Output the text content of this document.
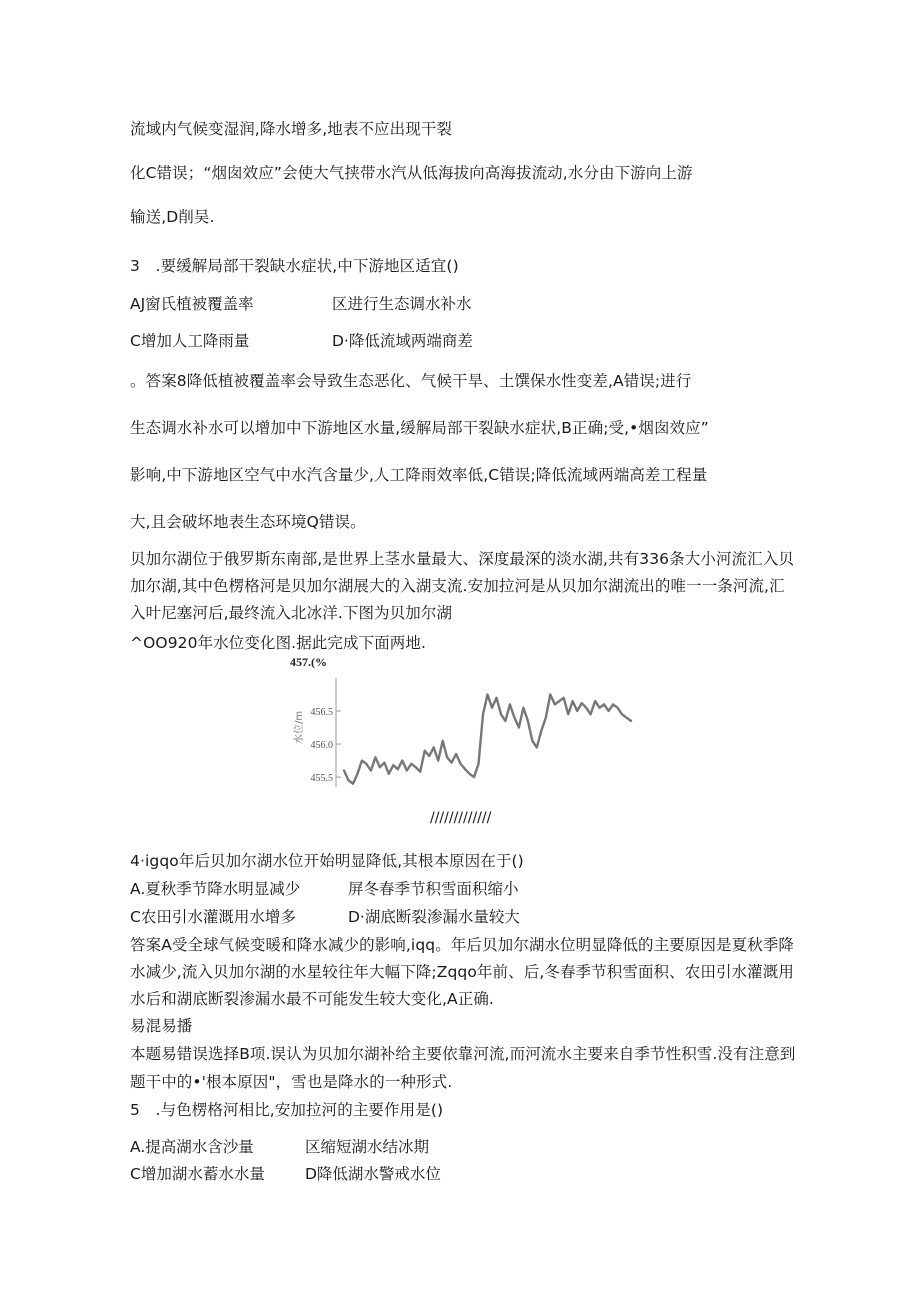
流域内气候变湿润,降水增多,地表不应出现干裂
化C错误；“烟囱效应”会使大气挟带水汽从低海拔向高海拔流动,水分由下游向上游
输送,D削吴.
3　.要缓解局部干裂缺水症状,中下游地区适宜()
AJ窗氏植被覆盖率	区进行生态调水补水
C增加人工降雨量	D·降低流域两端商差
。答案8降低植被覆盖率会导致生态恶化、气候干旱、土馔保水性变差,A错误;进行
生态调水补水可以增加中下游地区水量,缓解局部干裂缺水症状,B正确;受,•烟囱效应”
影响,中下游地区空气中水汽含量少,人工降雨效率低,C错误;降低流域两端高差工程量
大,且会破坏地表生态环境Q错误。
贝加尔湖位于俄罗斯东南部,是世界上茎水量最大、深度最深的淡水湖,共有336条大小河流汇入贝
加尔湖,其中色楞格河是贝加尔湖展大的入湖支流.安加拉河是从贝加尔湖流出的唯一一条河流,汇
入叶尼塞河后,最终流入北冰洋.下图为贝加尔湖
^OO920年水位变化图.据此完成下面两地.
457.(%
水位/m 456.5
456.0
455.5
/////////////
4·igqo年后贝加尔湖水位开始明显降低,其根本原因在于()
A.夏秋季节降水明显减少	屏冬春季节积雪面积缩小
C农田引水灌溉用水增多	D·湖底断裂渗漏水量较大
答案A受全球气候变暖和降水减少的影响,iqq。年后贝加尔湖水位明显降低的主要原因是夏秋季降
水减少,流入贝加尔湖的水星较往年大幅下降;Zqqo年前、后,冬春季节积雪面积、农田引水灌溉用
水后和湖底断裂渗漏水最不可能发生较大变化,A正确.
易混易播
本题易错误选择B项.误认为贝加尔湖补给主要依靠河流,而河流水主要来自季节性积雪.没有注意到
题干中的•'根本原因"，雪也是降水的一种形式.
5　.与色楞格河相比,安加拉河的主要作用是()
A.提高湖水含沙量	区缩短湖水结冰期
C增加湖水蓄水水量	D降低湖水警戒水位
